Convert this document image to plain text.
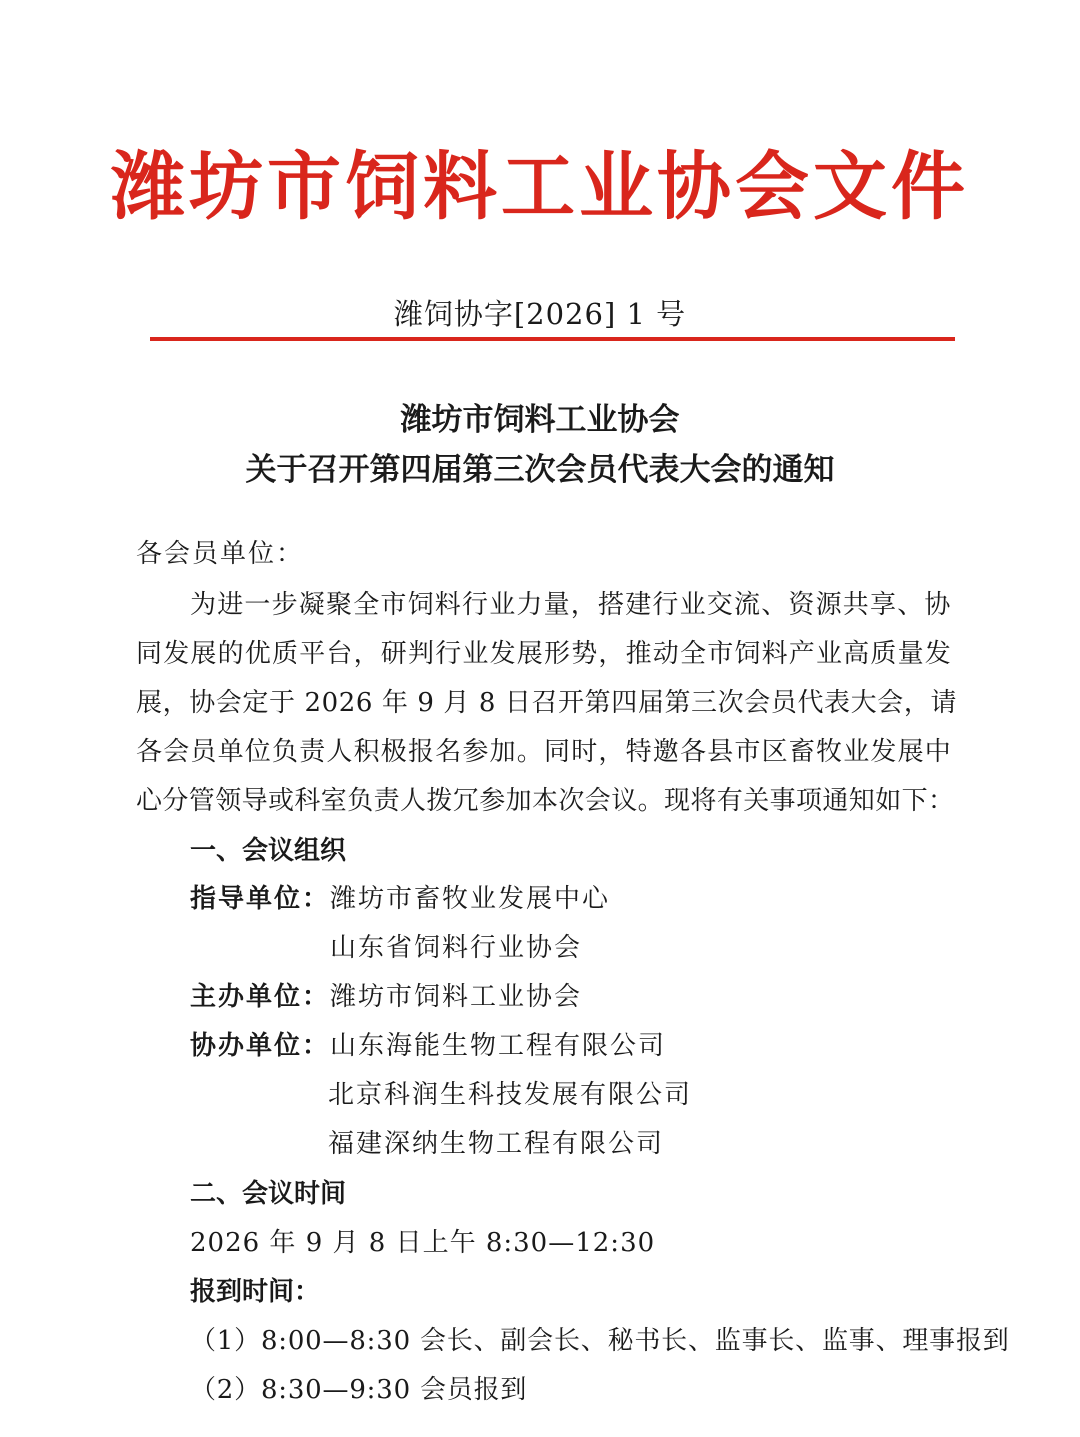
潍坊市饲料工业协会文件
潍饲协字[2026] 1 号
潍坊市饲料工业协会
关于召开第四届第三次会员代表大会的通知
各会员单位：
为进一步凝聚全市饲料行业力量，搭建行业交流、资源共享、协
同发展的优质平台，研判行业发展形势，推动全市饲料产业高质量发
展，协会定于 2026 年 9 月 8 日召开第四届第三次会员代表大会，请
各会员单位负责人积极报名参加。同时，特邀各县市区畜牧业发展中
心分管领导或科室负责人拨冗参加本次会议。现将有关事项通知如下：
一、会议组织
指导单位：潍坊市畜牧业发展中心
山东省饲料行业协会
主办单位：潍坊市饲料工业协会
协办单位：山东海能生物工程有限公司
北京科润生科技发展有限公司
福建深纳生物工程有限公司
二、会议时间
2026 年 9 月 8 日上午 8:30—12:30
报到时间：
（1）8:00—8:30 会长、副会长、秘书长、监事长、监事、理事报到
（2）8:30—9:30 会员报到
